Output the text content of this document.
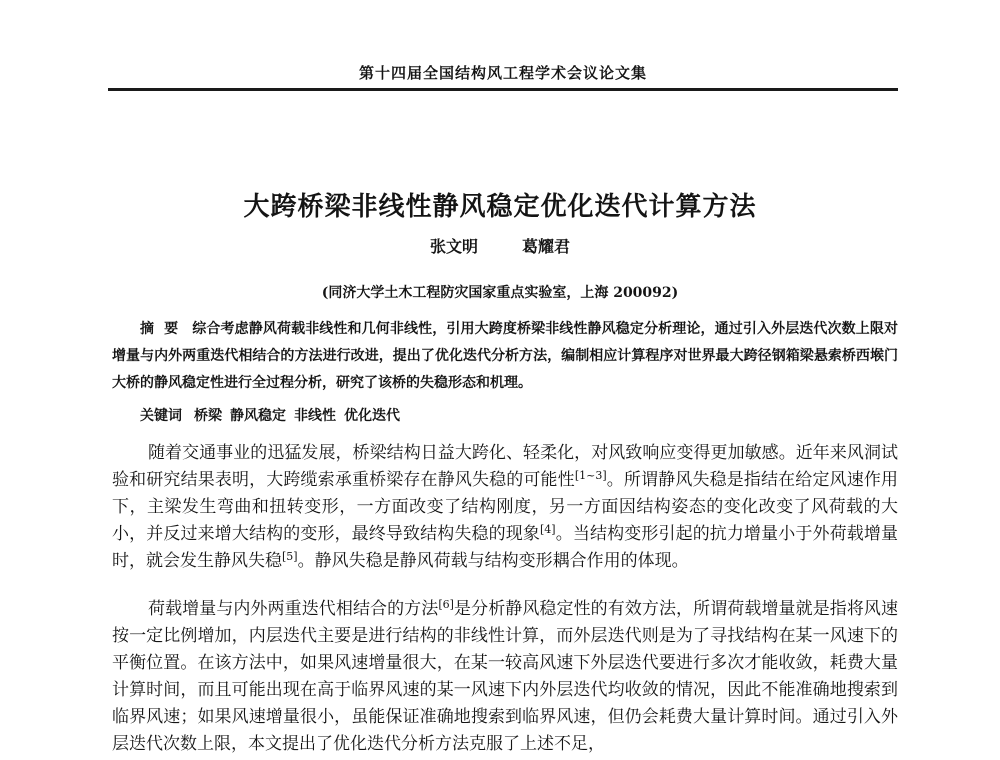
第十四届全国结构风工程学术会议论文集
大跨桥梁非线性静风稳定优化迭代计算方法
张文明	葛耀君
(同济大学土木工程防灾国家重点实验室，上海 200092)

摘要 综合考虑静风荷载非线性和几何非线性，引用大跨度桥梁非线性静风稳定分析理论，通过引入外层迭代次数上限对增量与内外两重迭代相结合的方法进行改进，提出了优化迭代分析方法，编制相应计算程序对世界最大跨径钢箱梁悬索桥西堠门大桥的静风稳定性进行全过程分析，研究了该桥的失稳形态和机理。

关键词 桥梁 静风稳定 非线性 优化迭代

随着交通事业的迅猛发展，桥梁结构日益大跨化、轻柔化，对风致响应变得更加敏感。近年来风洞试验和研究结果表明，大跨缆索承重桥梁存在静风失稳的可能性[1~3]。所谓静风失稳是指结在给定风速作用下，主梁发生弯曲和扭转变形，一方面改变了结构刚度，另一方面因结构姿态的变化改变了风荷载的大小，并反过来增大结构的变形，最终导致结构失稳的现象[4]。当结构变形引起的抗力增量小于外荷载增量时，就会发生静风失稳[5]。静风失稳是静风荷载与结构变形耦合作用的体现。

荷载增量与内外两重迭代相结合的方法[6]是分析静风稳定性的有效方法，所谓荷载增量就是指将风速按一定比例增加，内层迭代主要是进行结构的非线性计算，而外层迭代则是为了寻找结构在某一风速下的平衡位置。在该方法中，如果风速增量很大，在某一较高风速下外层迭代要进行多次才能收敛，耗费大量计算时间，而且可能出现在高于临界风速的某一风速下内外层迭代均收敛的情况，因此不能准确地搜索到临界风速；如果风速增量很小，虽能保证准确地搜索到临界风速，但仍会耗费大量计算时间。通过引入外层迭代次数上限，本文提出了优化迭代分析方法克服了上述不足，
